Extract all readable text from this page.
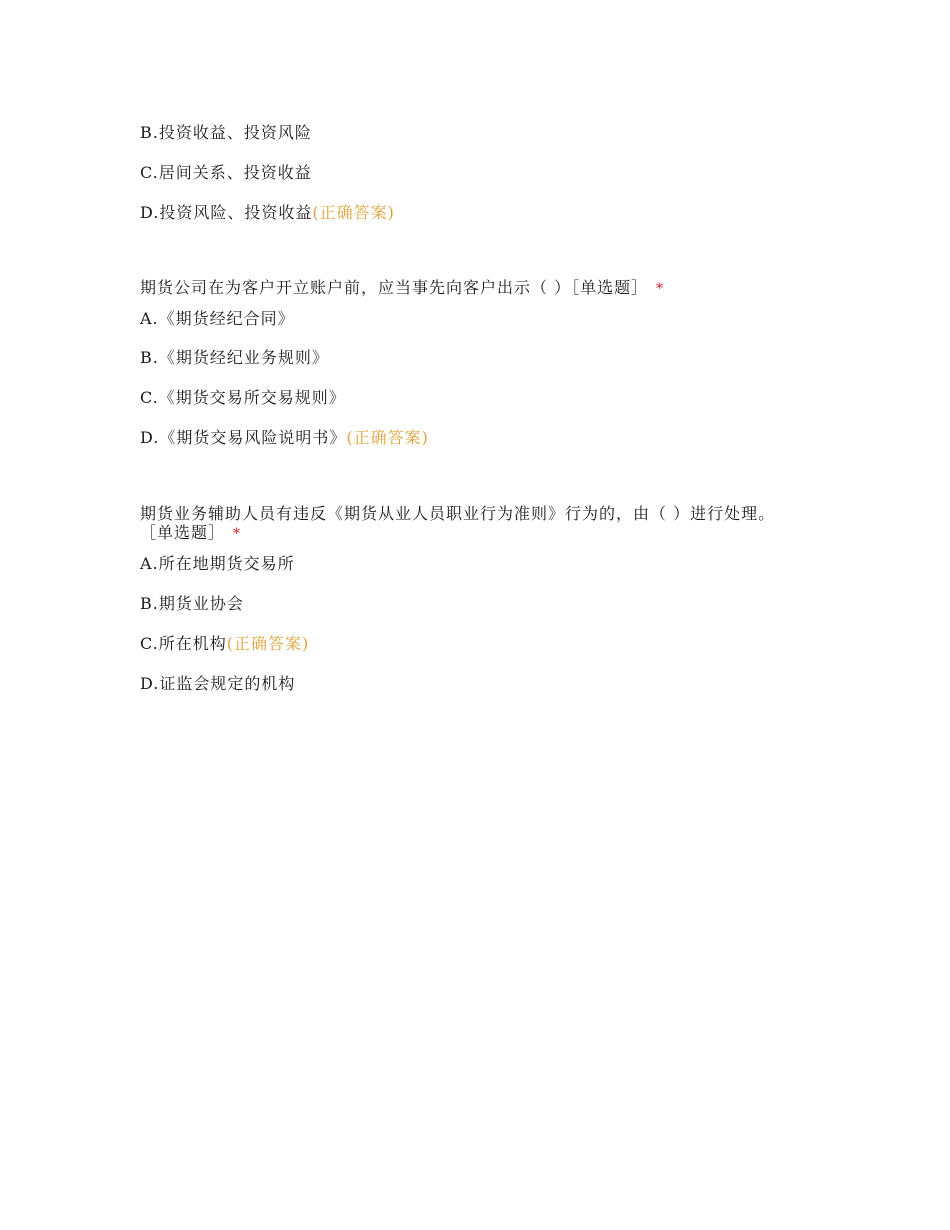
B.投资收益、投资风险
C.居间关系、投资收益
D.投资风险、投资收益(正确答案)
期货公司在为客户开立账户前，应当事先向客户出示（ ）［单选题］ *
A.《期货经纪合同》
B.《期货经纪业务规则》
C.《期货交易所交易规则》
D.《期货交易风险说明书》(正确答案)
期货业务辅助人员有违反《期货从业人员职业行为准则》行为的，由（ ）进行处理。
［单选题］ *
A.所在地期货交易所
B.期货业协会
C.所在机构(正确答案)
D.证监会规定的机构
